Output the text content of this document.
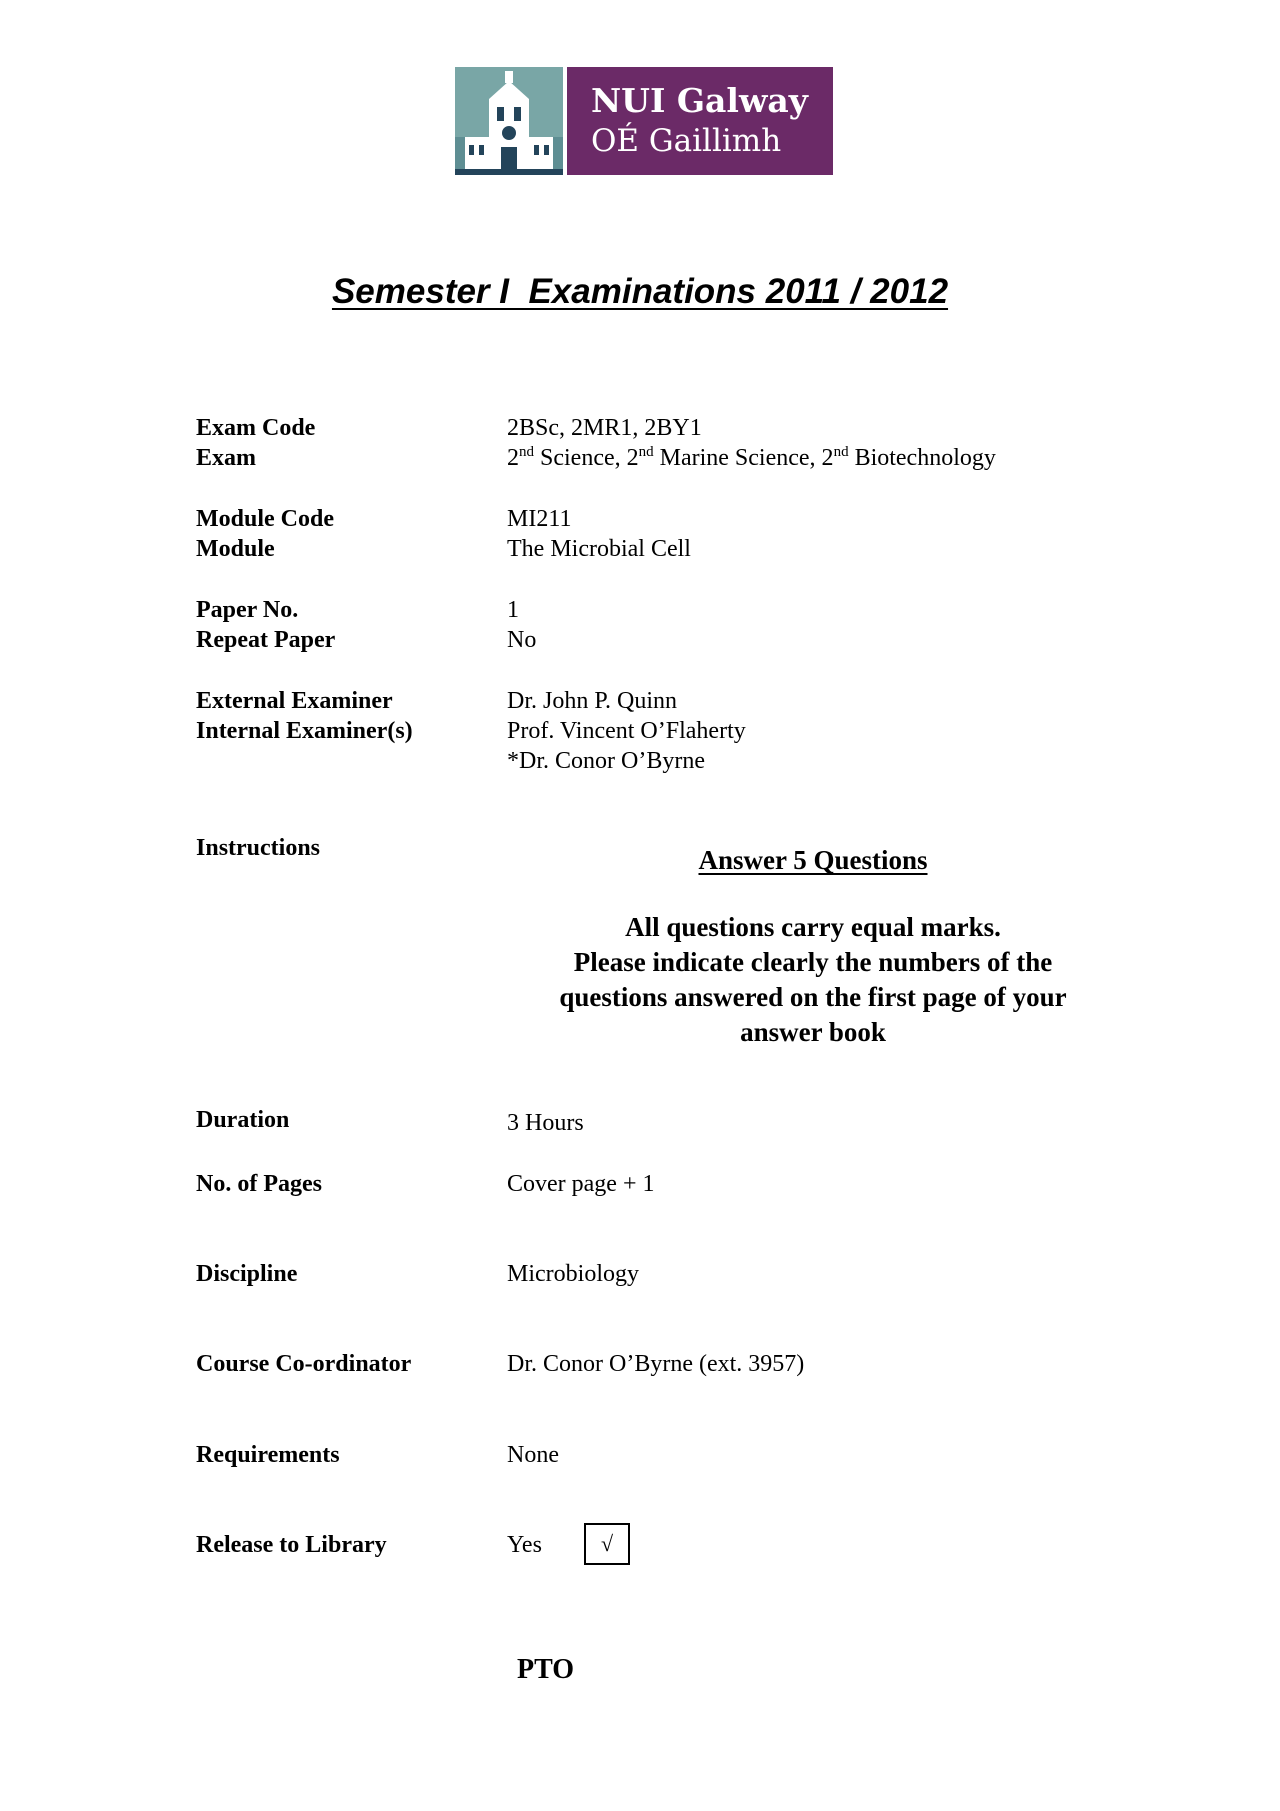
NUI Galway
OÉ Gaillimh
Semester I  Examinations 2011 / 2012
Exam Code	2BSc, 2MR1, 2BY1
Exam	2nd Science, 2nd Marine Science, 2nd Biotechnology
Module Code	MI211
Module	The Microbial Cell
Paper No.	1
Repeat Paper	No
External Examiner	Dr. John P. Quinn
Internal Examiner(s)	Prof. Vincent O’Flaherty
*Dr. Conor O’Byrne
Instructions	Answer 5 Questions
All questions carry equal marks.
Please indicate clearly the numbers of the
questions answered on the first page of your
answer book
Duration	3 Hours
No. of Pages	Cover page + 1
Discipline	Microbiology
Course Co-ordinator	Dr. Conor O’Byrne (ext. 3957)
Requirements	None
Release to Library	Yes	√
PTO
